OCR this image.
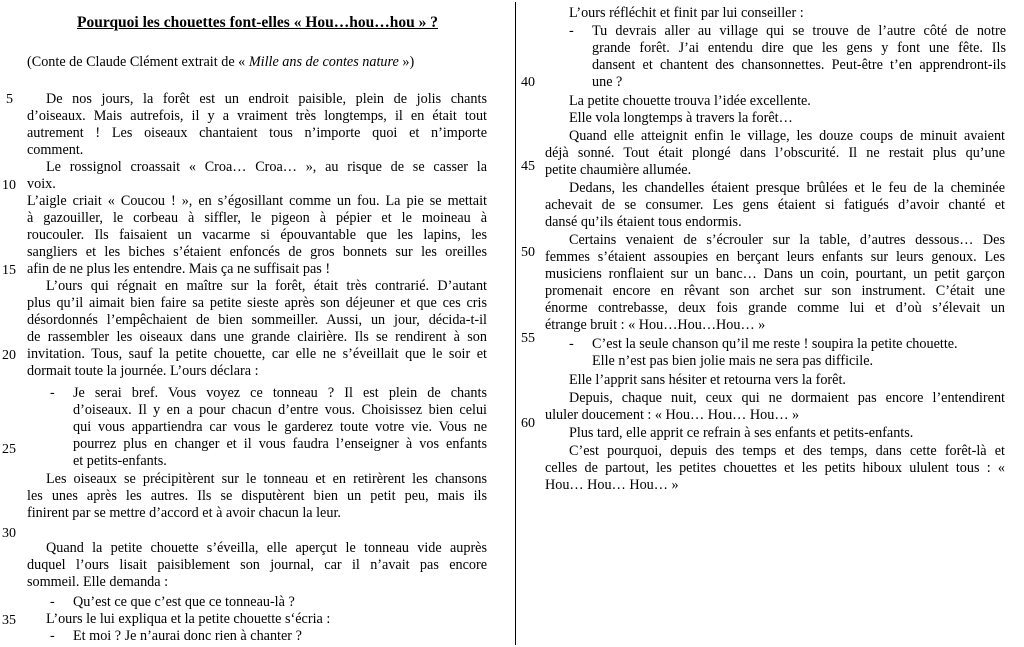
Pourquoi les chouettes font-elles « Hou…hou…hou » ?
(Conte de Claude Clément extrait de « Mille ans de contes nature »)
5
10
15
20
25
30
35
40
45
50
55
60
De nos jours, la forêt est un endroit paisible, plein de jolis chants
d’oiseaux. Mais autrefois, il y a vraiment très longtemps, il en était tout
autrement ! Les oiseaux chantaient tous n’importe quoi et n’importe
comment.
Le rossignol croassait « Croa… Croa… », au risque de se casser la
voix.
L’aigle criait « Coucou ! », en s’égosillant comme un fou. La pie se mettait
à gazouiller, le corbeau à siffler, le pigeon à pépier et le moineau à
roucouler. Ils faisaient un vacarme si épouvantable que les lapins, les
sangliers et les biches s’étaient enfoncés de gros bonnets sur les oreilles
afin de ne plus les entendre. Mais ça ne suffisait pas !
L’ours qui régnait en maître sur la forêt, était très contrarié. D’autant
plus qu’il aimait bien faire sa petite sieste après son déjeuner et que ces cris
désordonnés l’empêchaient de bien sommeiller. Aussi, un jour, décida-t-il
de rassembler les oiseaux dans une grande clairière. Ils se rendirent à son
invitation. Tous, sauf la petite chouette, car elle ne s’éveillait que le soir et
dormait toute la journée. L’ours déclara :
- Je serai bref. Vous voyez ce tonneau ? Il est plein de chants
d’oiseaux. Il y en a pour chacun d’entre vous. Choisissez bien celui
qui vous appartiendra car vous le garderez toute votre vie. Vous ne
pourrez plus en changer et il vous faudra l’enseigner à vos enfants
et petits-enfants.
Les oiseaux se précipitèrent sur le tonneau et en retirèrent les chansons
les unes après les autres. Ils se disputèrent bien un petit peu, mais ils
finirent par se mettre d’accord et à avoir chacun la leur.
Quand la petite chouette s’éveilla, elle aperçut le tonneau vide auprès
duquel l’ours lisait paisiblement son journal, car il n’avait pas encore
sommeil. Elle demanda :
- Qu’est ce que c’est que ce tonneau-là ?
L’ours le lui expliqua et la petite chouette s‘écria :
- Et moi ? Je n’aurai donc rien à chanter ?
L’ours réfléchit et finit par lui conseiller :
- Tu devrais aller au village qui se trouve de l’autre côté de notre
grande forêt. J’ai entendu dire que les gens y font une fête. Ils
dansent et chantent des chansonnettes. Peut-être t’en apprendront-ils
une ?
La petite chouette trouva l’idée excellente.
Elle vola longtemps à travers la forêt…
Quand elle atteignit enfin le village, les douze coups de minuit avaient
déjà sonné. Tout était plongé dans l’obscurité. Il ne restait plus qu’une
petite chaumière allumée.
Dedans, les chandelles étaient presque brûlées et le feu de la cheminée
achevait de se consumer. Les gens étaient si fatigués d’avoir chanté et
dansé qu’ils étaient tous endormis.
Certains venaient de s’écrouler sur la table, d’autres dessous… Des
femmes s’étaient assoupies en berçant leurs enfants sur leurs genoux. Les
musiciens ronflaient sur un banc… Dans un coin, pourtant, un petit garçon
promenait encore en rêvant son archet sur son instrument. C’était une
énorme contrebasse, deux fois grande comme lui et d’où s’élevait un
étrange bruit : « Hou…Hou…Hou… »
- C’est la seule chanson qu’il me reste ! soupira la petite chouette.
Elle n’est pas bien jolie mais ne sera pas difficile.
Elle l’apprit sans hésiter et retourna vers la forêt.
Depuis, chaque nuit, ceux qui ne dormaient pas encore l’entendirent
ululer doucement : « Hou… Hou… Hou… »
Plus tard, elle apprit ce refrain à ses enfants et petits-enfants.
C’est pourquoi, depuis des temps et des temps, dans cette forêt-là et
celles de partout, les petites chouettes et les petits hiboux ululent tous : «
Hou… Hou… Hou… »
